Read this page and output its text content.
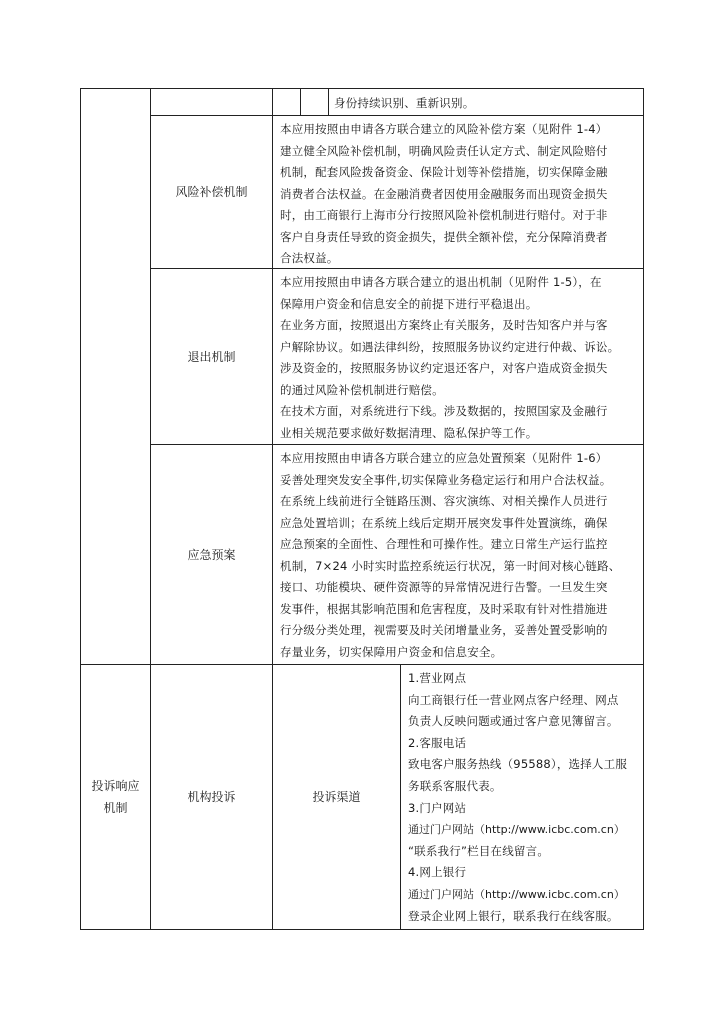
身份持续识别、重新识别。

风险补偿机制

本应用按照由申请各方联合建立的风险补偿方案（见附件 1-4）

建立健全风险补偿机制，明确风险责任认定方式、制定风险赔付

机制，配套风险拨备资金、保险计划等补偿措施，切实保障金融

消费者合法权益。在金融消费者因使用金融服务而出现资金损失

时，由工商银行上海市分行按照风险补偿机制进行赔付。对于非

客户自身责任导致的资金损失，提供全额补偿，充分保障消费者

合法权益。

退出机制

本应用按照由申请各方联合建立的退出机制（见附件 1-5），在

保障用户资金和信息安全的前提下进行平稳退出。

在业务方面，按照退出方案终止有关服务，及时告知客户并与客

户解除协议。如遇法律纠纷，按照服务协议约定进行仲裁、诉讼。

涉及资金的，按照服务协议约定退还客户，对客户造成资金损失

的通过风险补偿机制进行赔偿。

在技术方面，对系统进行下线。涉及数据的，按照国家及金融行

业相关规范要求做好数据清理、隐私保护等工作。

应急预案

本应用按照由申请各方联合建立的应急处置预案（见附件 1-6）

妥善处理突发安全事件,切实保障业务稳定运行和用户合法权益。

在系统上线前进行全链路压测、容灾演练、对相关操作人员进行

应急处置培训；在系统上线后定期开展突发事件处置演练，确保

应急预案的全面性、合理性和可操作性。建立日常生产运行监控

机制，7×24 小时实时监控系统运行状况，第一时间对核心链路、

接口、功能模块、硬件资源等的异常情况进行告警。一旦发生突

发事件，根据其影响范围和危害程度，及时采取有针对性措施进

行分级分类处理，视需要及时关闭增量业务，妥善处置受影响的

存量业务，切实保障用户资金和信息安全。

投诉响应
机制
机构投诉	投诉渠道

1.营业网点

向工商银行任一营业网点客户经理、网点

负责人反映问题或通过客户意见簿留言。

2.客服电话

致电客户服务热线（95588），选择人工服

务联系客服代表。

3.门户网站

通过门户网站（http://www.icbc.com.cn）

“联系我行”栏目在线留言。

4.网上银行

通过门户网站（http://www.icbc.com.cn）

登录企业网上银行，联系我行在线客服。
